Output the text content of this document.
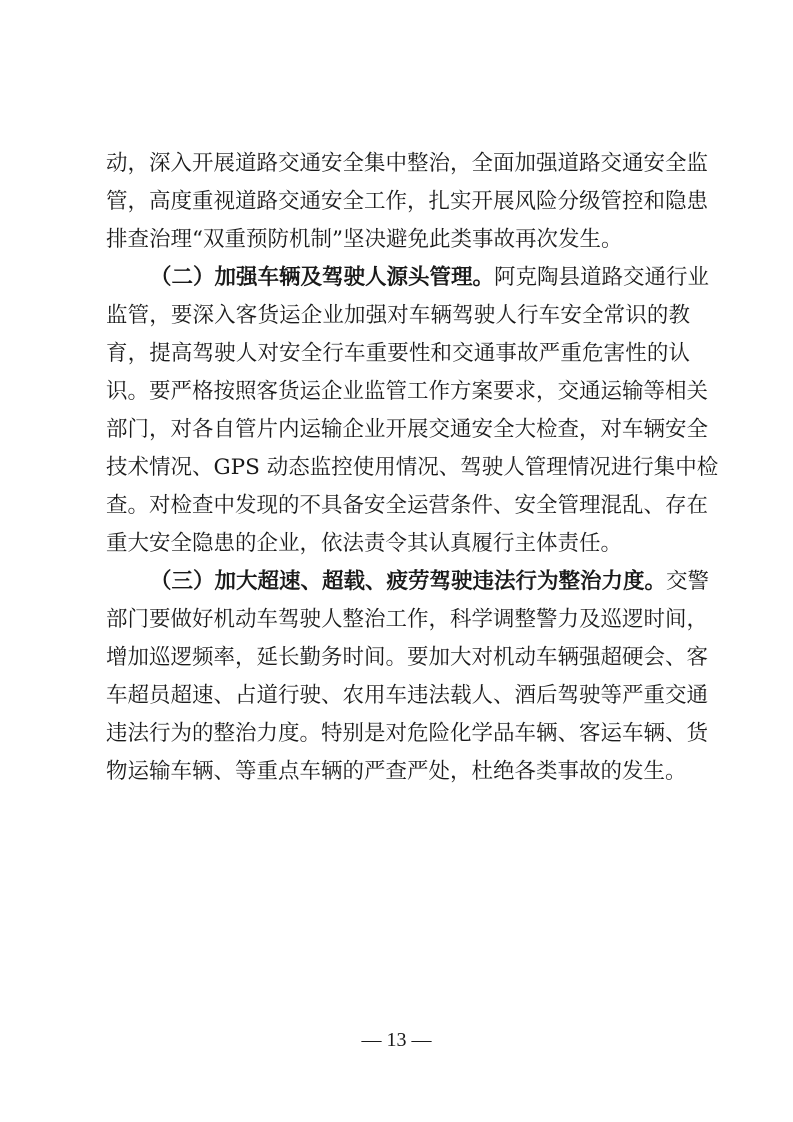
动，深入开展道路交通安全集中整治，全面加强道路交通安全监
管，高度重视道路交通安全工作，扎实开展风险分级管控和隐患
排查治理“双重预防机制”坚决避免此类事故再次发生。
（二）加强车辆及驾驶人源头管理。阿克陶县道路交通行业
监管，要深入客货运企业加强对车辆驾驶人行车安全常识的教
育，提高驾驶人对安全行车重要性和交通事故严重危害性的认
识。要严格按照客货运企业监管工作方案要求，交通运输等相关
部门，对各自管片内运输企业开展交通安全大检查，对车辆安全
技术情况、GPS 动态监控使用情况、驾驶人管理情况进行集中检
查。对检查中发现的不具备安全运营条件、安全管理混乱、存在
重大安全隐患的企业，依法责令其认真履行主体责任。
（三）加大超速、超载、疲劳驾驶违法行为整治力度。交警
部门要做好机动车驾驶人整治工作，科学调整警力及巡逻时间，
增加巡逻频率，延长勤务时间。要加大对机动车辆强超硬会、客
车超员超速、占道行驶、农用车违法载人、酒后驾驶等严重交通
违法行为的整治力度。特别是对危险化学品车辆、客运车辆、货
物运输车辆、等重点车辆的严查严处，杜绝各类事故的发生。
— 13 —
